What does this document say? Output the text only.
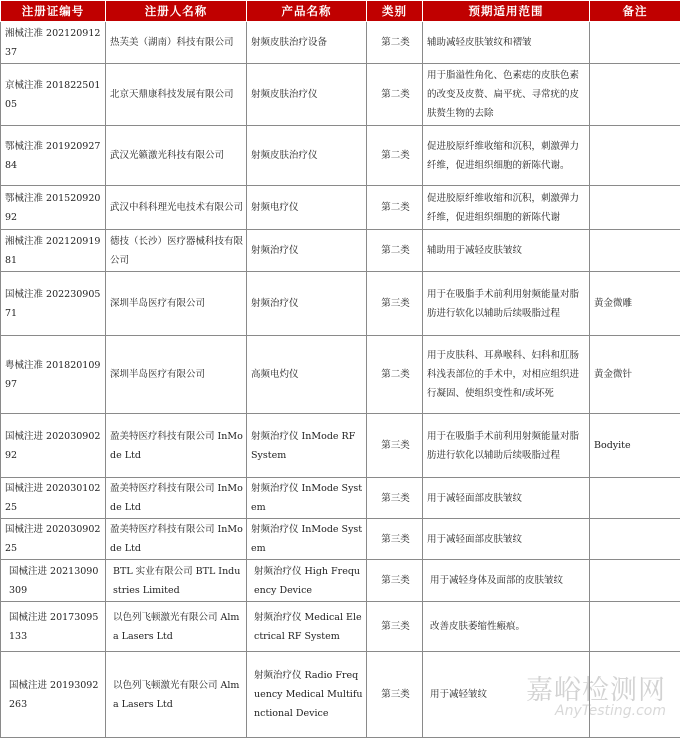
注册证编号	注册人名称	产品名称	类别	预期适用范围	备注
湘械注准 20212091237	热芙美（湖南）科技有限公司	射频皮肤治疗设备	第二类	辅助减轻皮肤皱纹和褶皱	
京械注准 20182250105	北京天鼎康科技发展有限公司	射频皮肤治疗仪	第二类	用于脂溢性角化、色素痣的皮肤色素的改变及皮赘、扁平疣、寻常疣的皮肤赘生物的去除	
鄂械注准 20192092784	武汉光籁激光科技有限公司	射频皮肤治疗仪	第二类	促进胶原纤维收缩和沉积，刺激弹力纤维，促进组织细胞的新陈代谢。	
鄂械注准 20152092092	武汉中科科理光电技术有限公司	射频电疗仪	第二类	促进胶原纤维收缩和沉积，刺激弹力纤维，促进组织细胞的新陈代谢	
湘械注准 20212091981	德技（长沙）医疗器械科技有限公司	射频治疗仪	第二类	辅助用于减轻皮肤皱纹	
国械注准 20223090571	深圳半岛医疗有限公司	射频治疗仪	第三类	用于在吸脂手术前利用射频能量对脂肪进行软化以辅助后续吸脂过程	黄金微雕
粤械注准 20182010997	深圳半岛医疗有限公司	高频电灼仪	第二类	用于皮肤科、耳鼻喉科、妇科和肛肠科浅表部位的手术中，对相应组织进行凝固、使组织变性和/或坏死	黄金微针
国械注进 20203090292	盈美特医疗科技有限公司 InMode Ltd	射频治疗仪 InMode RF System	第三类	用于在吸脂手术前利用射频能量对脂肪进行软化以辅助后续吸脂过程	Bodyite
国械注进 20203010225	盈美特医疗科技有限公司 InMode Ltd	射频治疗仪 InMode System	第三类	用于减轻面部皮肤皱纹	
国械注进 20203090225	盈美特医疗科技有限公司 InMode Ltd	射频治疗仪 InMode System	第三类	用于减轻面部皮肤皱纹	
国械注进 20213090309	BTL 实业有限公司 BTL Industries Limited	射频治疗仪 High Frequency Device	第三类	用于减轻身体及面部的皮肤皱纹	
国械注进 20173095133	以色列飞顿激光有限公司 Alma Lasers Ltd	射频治疗仪 Medical Electrical RF System	第三类	改善皮肤萎缩性瘢痕。	
国械注进 20193092263	以色列飞顿激光有限公司 Alma Lasers Ltd	射频治疗仪 Radio Frequency Medical Multifunctional Device	第三类	用于减轻皱纹	嘉峪检测网
AnyTesting.com
